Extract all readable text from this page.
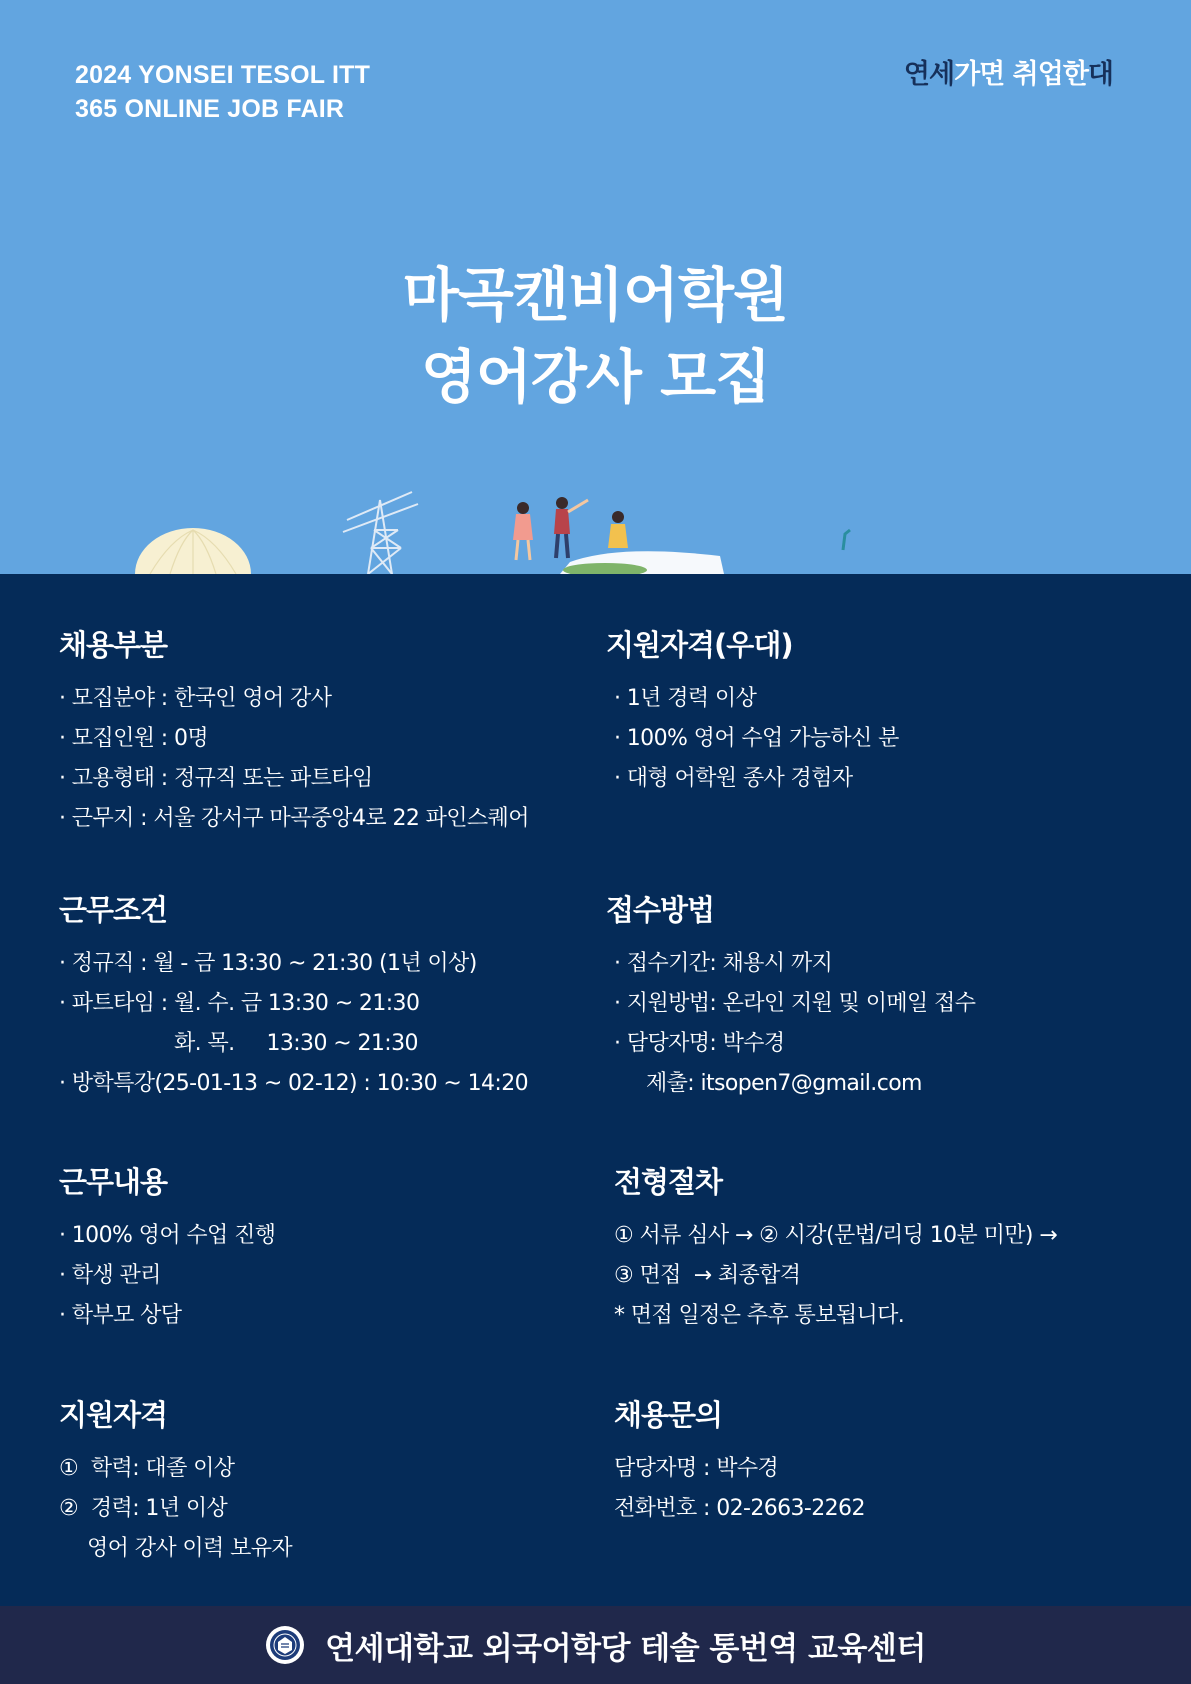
2024 YONSEI TESOL ITT
365 ONLINE JOB FAIR
연세가면 취업한대
마곡캔비어학원
영어강사 모집
채용부분
· 모집분야 : 한국인 영어 강사
· 모집인원 : 0명
· 고용형태 : 정규직 또는 파트타임
· 근무지 : 서울 강서구 마곡중앙4로 22 파인스퀘어
근무조건
· 정규직 : 월 - 금 13:30 ~ 21:30 (1년 이상)
· 파트타임 : 월. 수. 금 13:30 ~ 21:30
화. 목.     13:30 ~ 21:30
· 방학특강(25-01-13 ~ 02-12) : 10:30 ~ 14:20
근무내용
· 100% 영어 수업 진행
· 학생 관리
· 학부모 상담
지원자격
①  학력: 대졸 이상
②  경력: 1년 이상
영어 강사 이력 보유자
지원자격(우대)
· 1년 경력 이상
· 100% 영어 수업 가능하신 분
· 대형 어학원 종사 경험자
접수방법
· 접수기간: 채용시 까지
· 지원방법: 온라인 지원 및 이메일 접수
· 담당자명: 박수경
제출: itsopen7@gmail.com
전형절차
① 서류 심사 → ② 시강(문법/리딩 10분 미만) →
③ 면접  → 최종합격
* 면접 일정은 추후 통보됩니다.
채용문의
담당자명 : 박수경
전화번호 : 02-2663-2262
연세대학교 외국어학당 테솔 통번역 교육센터
